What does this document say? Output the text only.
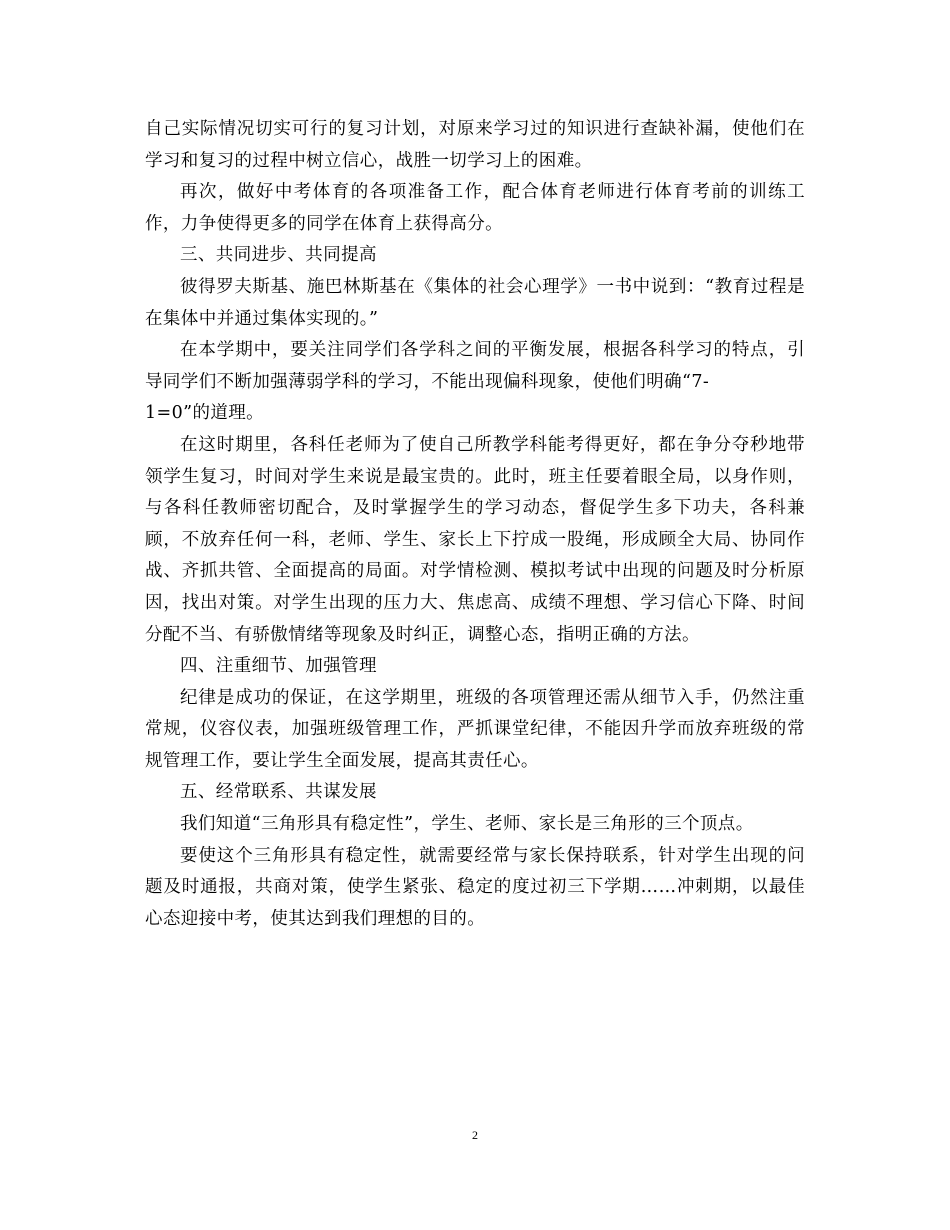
自己实际情况切实可行的复习计划，对原来学习过的知识进行查缺补漏，使他们在学习和复习的过程中树立信心，战胜一切学习上的困难。

再次，做好中考体育的各项准备工作，配合体育老师进行体育考前的训练工作，力争使得更多的同学在体育上获得高分。

三、共同进步、共同提高

彼得罗夫斯基、施巴林斯基在《集体的社会心理学》一书中说到：“教育过程是在集体中并通过集体实现的。”

在本学期中，要关注同学们各学科之间的平衡发展，根据各科学习的特点，引导同学们不断加强薄弱学科的学习，不能出现偏科现象，使他们明确“7-

1=0”的道理。

在这时期里，各科任老师为了使自己所教学科能考得更好，都在争分夺秒地带领学生复习，时间对学生来说是最宝贵的。此时，班主任要着眼全局，以身作则，与各科任教师密切配合，及时掌握学生的学习动态，督促学生多下功夫，各科兼顾，不放弃任何一科，老师、学生、家长上下拧成一股绳，形成顾全大局、协同作战、齐抓共管、全面提高的局面。对学情检测、模拟考试中出现的问题及时分析原因，找出对策。对学生出现的压力大、焦虑高、成绩不理想、学习信心下降、时间分配不当、有骄傲情绪等现象及时纠正，调整心态，指明正确的方法。

四、注重细节、加强管理

纪律是成功的保证，在这学期里，班级的各项管理还需从细节入手，仍然注重常规，仪容仪表，加强班级管理工作，严抓课堂纪律，不能因升学而放弃班级的常规管理工作，要让学生全面发展，提高其责任心。

五、经常联系、共谋发展

我们知道“三角形具有稳定性”，学生、老师、家长是三角形的三个顶点。

要使这个三角形具有稳定性，就需要经常与家长保持联系，针对学生出现的问题及时通报，共商对策，使学生紧张、稳定的度过初三下学期……冲刺期，以最佳心态迎接中考，使其达到我们理想的目的。

2
